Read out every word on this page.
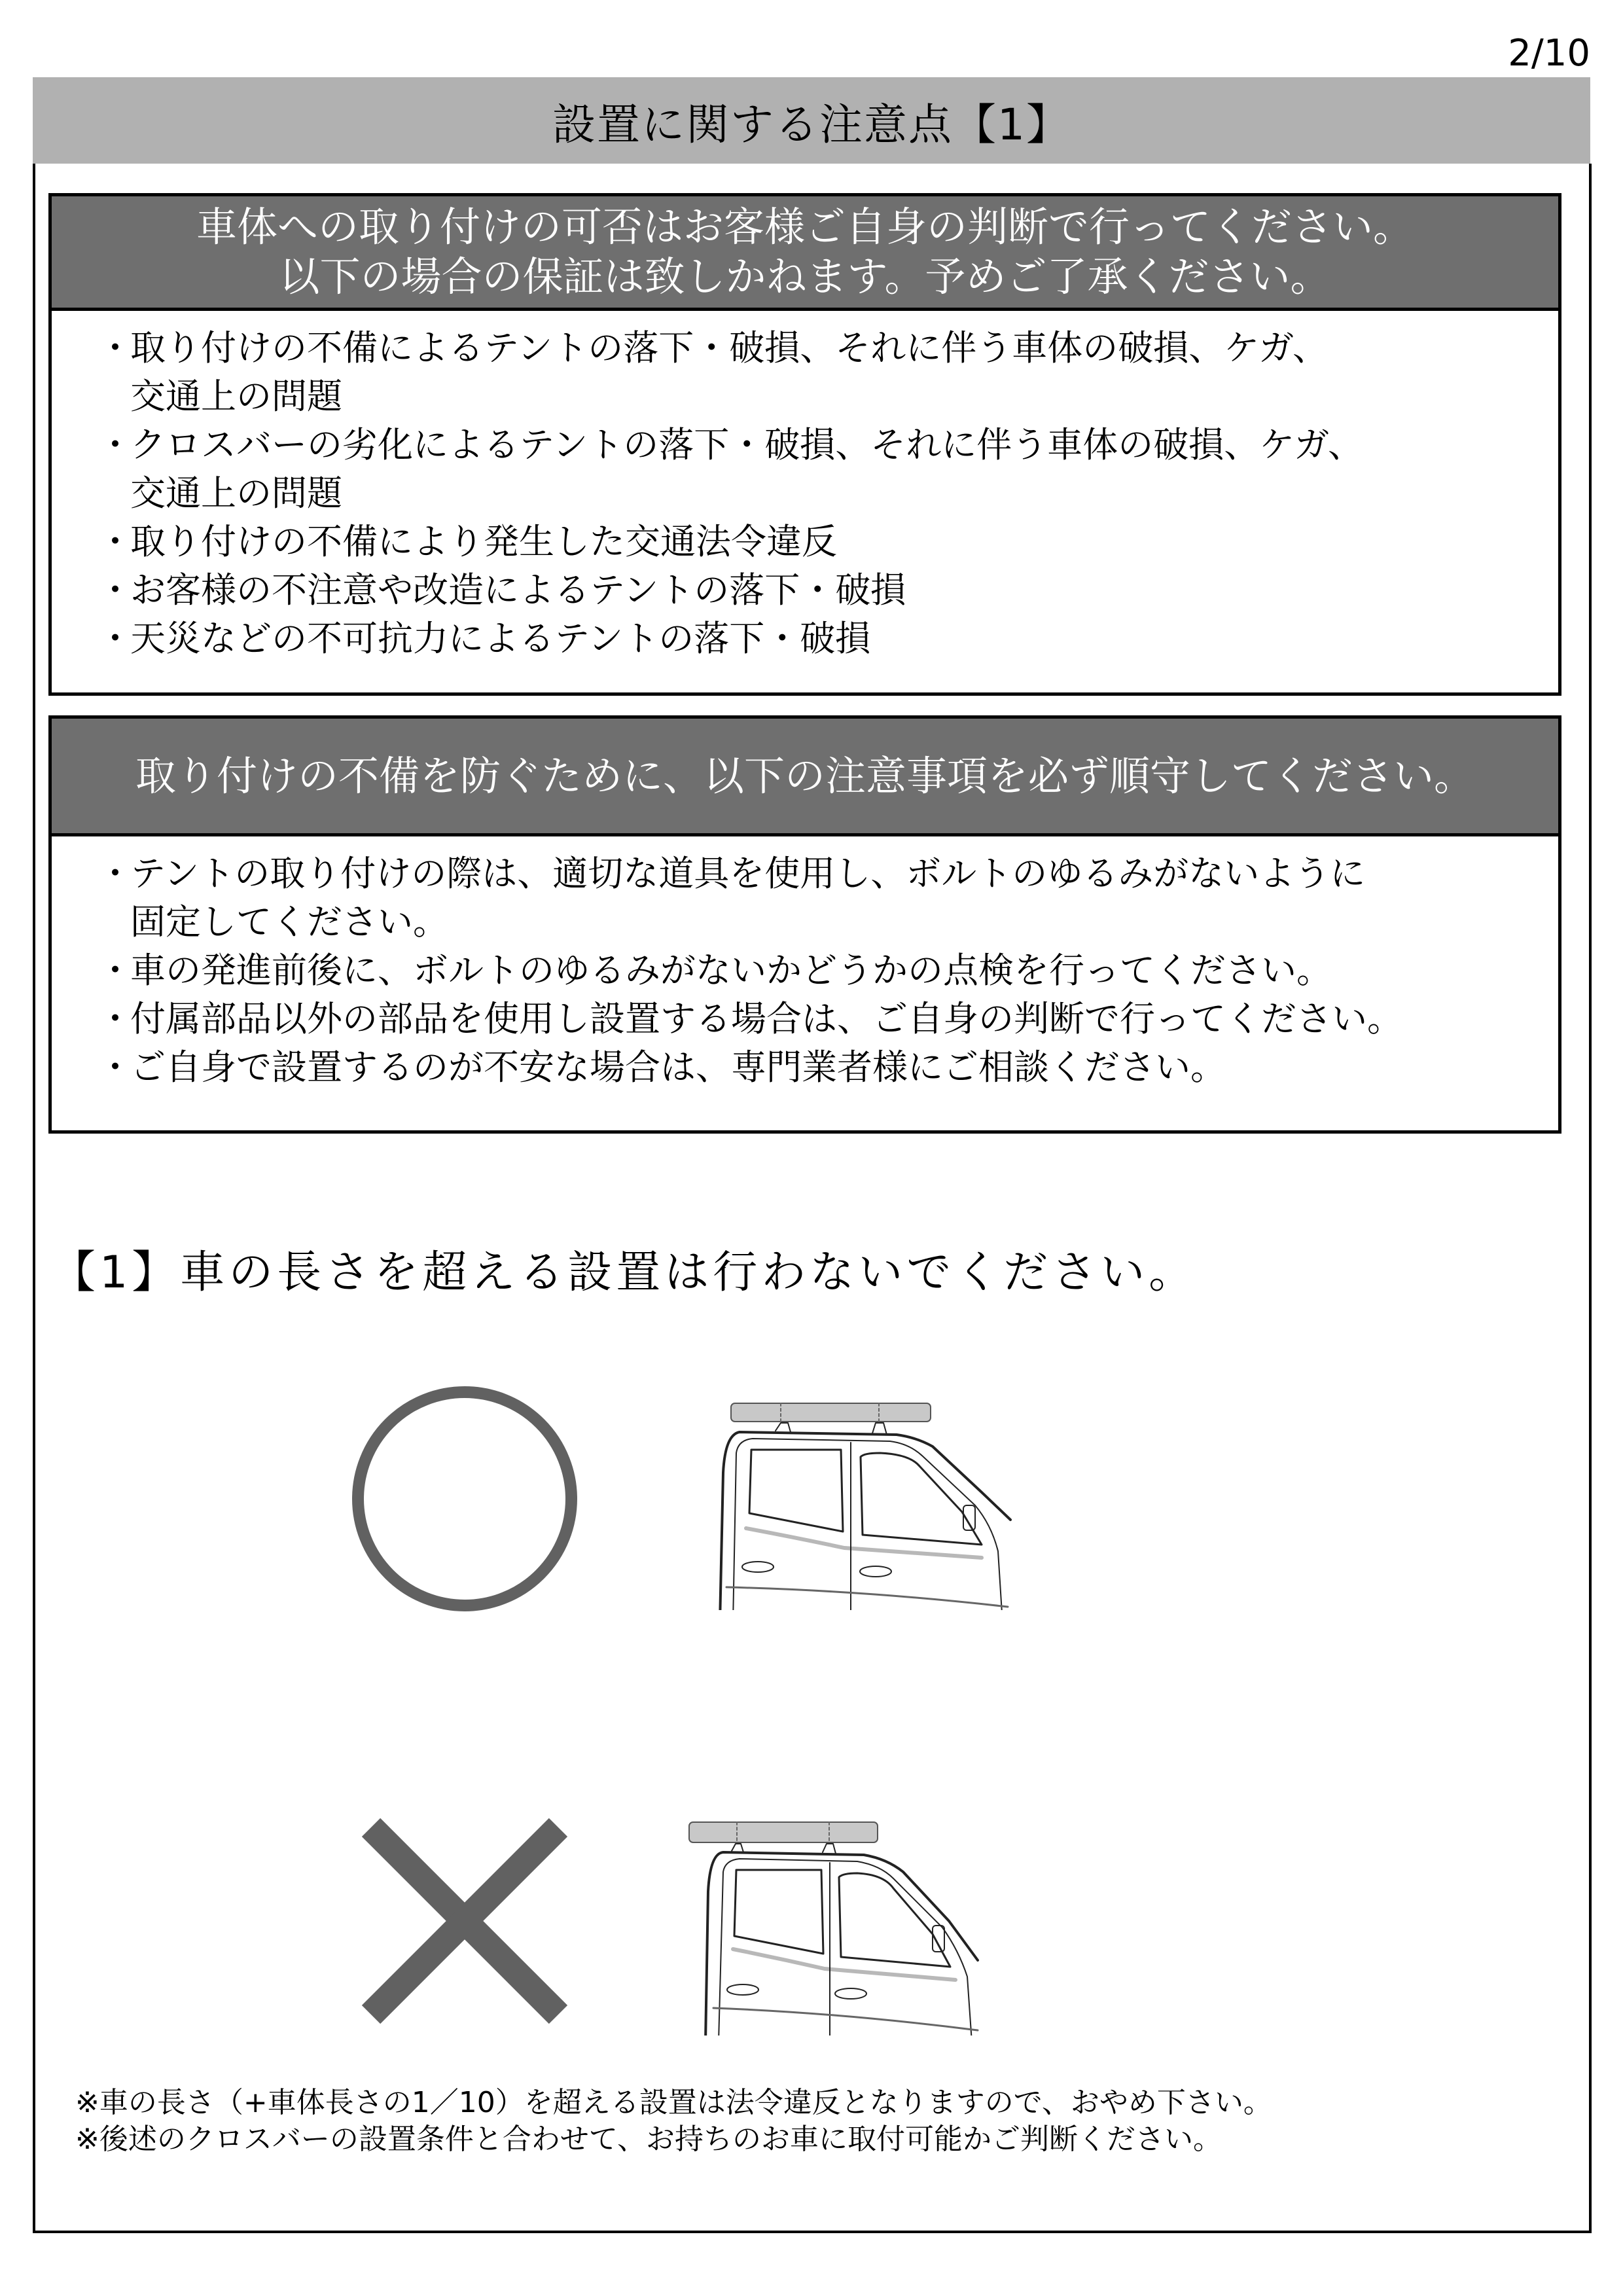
2/10
設置に関する注意点【1】
車体への取り付けの可否はお客様ご自身の判断で行ってください。
以下の場合の保証は致しかねます。予めご了承ください。
・
取り付けの不備によるテントの落下・破損、それに伴う車体の破損、ケガ、
交通上の問題
・
クロスバーの劣化によるテントの落下・破損、それに伴う車体の破損、ケガ、
交通上の問題
・
取り付けの不備により発生した交通法令違反
・
お客様の不注意や改造によるテントの落下・破損
・
天災などの不可抗力によるテントの落下・破損
取り付けの不備を防ぐために、以下の注意事項を必ず順守してください。
・
テントの取り付けの際は、適切な道具を使用し、ボルトのゆるみがないように
固定してください。
・
車の発進前後に、ボルトのゆるみがないかどうかの点検を行ってください。
・
付属部品以外の部品を使用し設置する場合は、ご自身の判断で行ってください。
・
ご自身で設置するのが不安な場合は、専門業者様にご相談ください。
【1】車の長さを超える設置は行わないでください。
※車の長さ（+車体長さの1／10）を超える設置は法令違反となりますので、おやめ下さい。
※後述のクロスバーの設置条件と合わせて、お持ちのお車に取付可能かご判断ください。
